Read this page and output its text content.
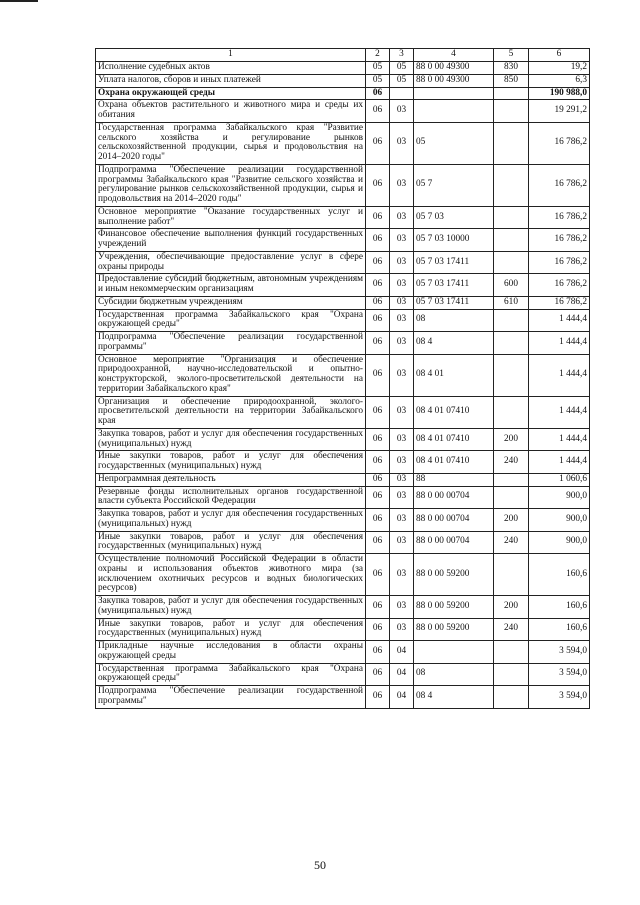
1	2	3	4	5	6
Исполнение судебных актов	05	05	88 0 00 49300	830	19,2
Уплата налогов, сборов и иных платежей	05	05	88 0 00 49300	850	6,3
Охрана окружающей среды	06				190 988,0
Охрана объектов растительного и животного мира и среды их обитания	06	03			19 291,2
Государственная программа Забайкальского края "Развитие сельского хозяйства и регулирование рынков сельскохозяйственной продукции, сырья и продовольствия на 2014–2020 годы"	06	03	05		16 786,2
Подпрограмма "Обеспечение реализации государственной программы Забайкальского края "Развитие сельского хозяйства и регулирование рынков сельскохозяйственной продукции, сырья и продовольствия на 2014–2020 годы"	06	03	05 7		16 786,2
Основное мероприятие "Оказание государственных услуг и выполнение работ"	06	03	05 7 03		16 786,2
Финансовое обеспечение выполнения функций государственных учреждений	06	03	05 7 03 10000		16 786,2
Учреждения, обеспечивающие предоставление услуг в сфере охраны природы	06	03	05 7 03 17411		16 786,2
Предоставление субсидий бюджетным, автономным учреждениям и иным некоммерческим организациям	06	03	05 7 03 17411	600	16 786,2
Субсидии бюджетным учреждениям	06	03	05 7 03 17411	610	16 786,2
Государственная программа Забайкальского края "Охрана окружающей среды"	06	03	08		1 444,4
Подпрограмма "Обеспечение реализации государственной программы"	06	03	08 4		1 444,4
Основное мероприятие "Организация и обеспечение природоохранной, научно-исследовательской и опытно-конструкторской, эколого-просветительской деятельности на территории Забайкальского края"	06	03	08 4 01		1 444,4
Организация и обеспечение природоохранной, эколого-просветительской деятельности на территории Забайкальского края	06	03	08 4 01 07410		1 444,4
Закупка товаров, работ и услуг для обеспечения государственных (муниципальных) нужд	06	03	08 4 01 07410	200	1 444,4
Иные закупки товаров, работ и услуг для обеспечения государственных (муниципальных) нужд	06	03	08 4 01 07410	240	1 444,4
Непрограммная деятельность	06	03	88		1 060,6
Резервные фонды исполнительных органов государственной власти субъекта Российской Федерации	06	03	88 0 00 00704		900,0
Закупка товаров, работ и услуг для обеспечения государственных (муниципальных) нужд	06	03	88 0 00 00704	200	900,0
Иные закупки товаров, работ и услуг для обеспечения государственных (муниципальных) нужд	06	03	88 0 00 00704	240	900,0
Осуществление полномочий Российской Федерации в области охраны и использования объектов животного мира (за исключением охотничьих ресурсов и водных биологических ресурсов)	06	03	88 0 00 59200		160,6
Закупка товаров, работ и услуг для обеспечения государственных (муниципальных) нужд	06	03	88 0 00 59200	200	160,6
Иные закупки товаров, работ и услуг для обеспечения государственных (муниципальных) нужд	06	03	88 0 00 59200	240	160,6
Прикладные научные исследования в области охраны окружающей среды	06	04			3 594,0
Государственная программа Забайкальского края "Охрана окружающей среды"	06	04	08		3 594,0
Подпрограмма "Обеспечение реализации государственной программы"	06	04	08 4		3 594,0
50
